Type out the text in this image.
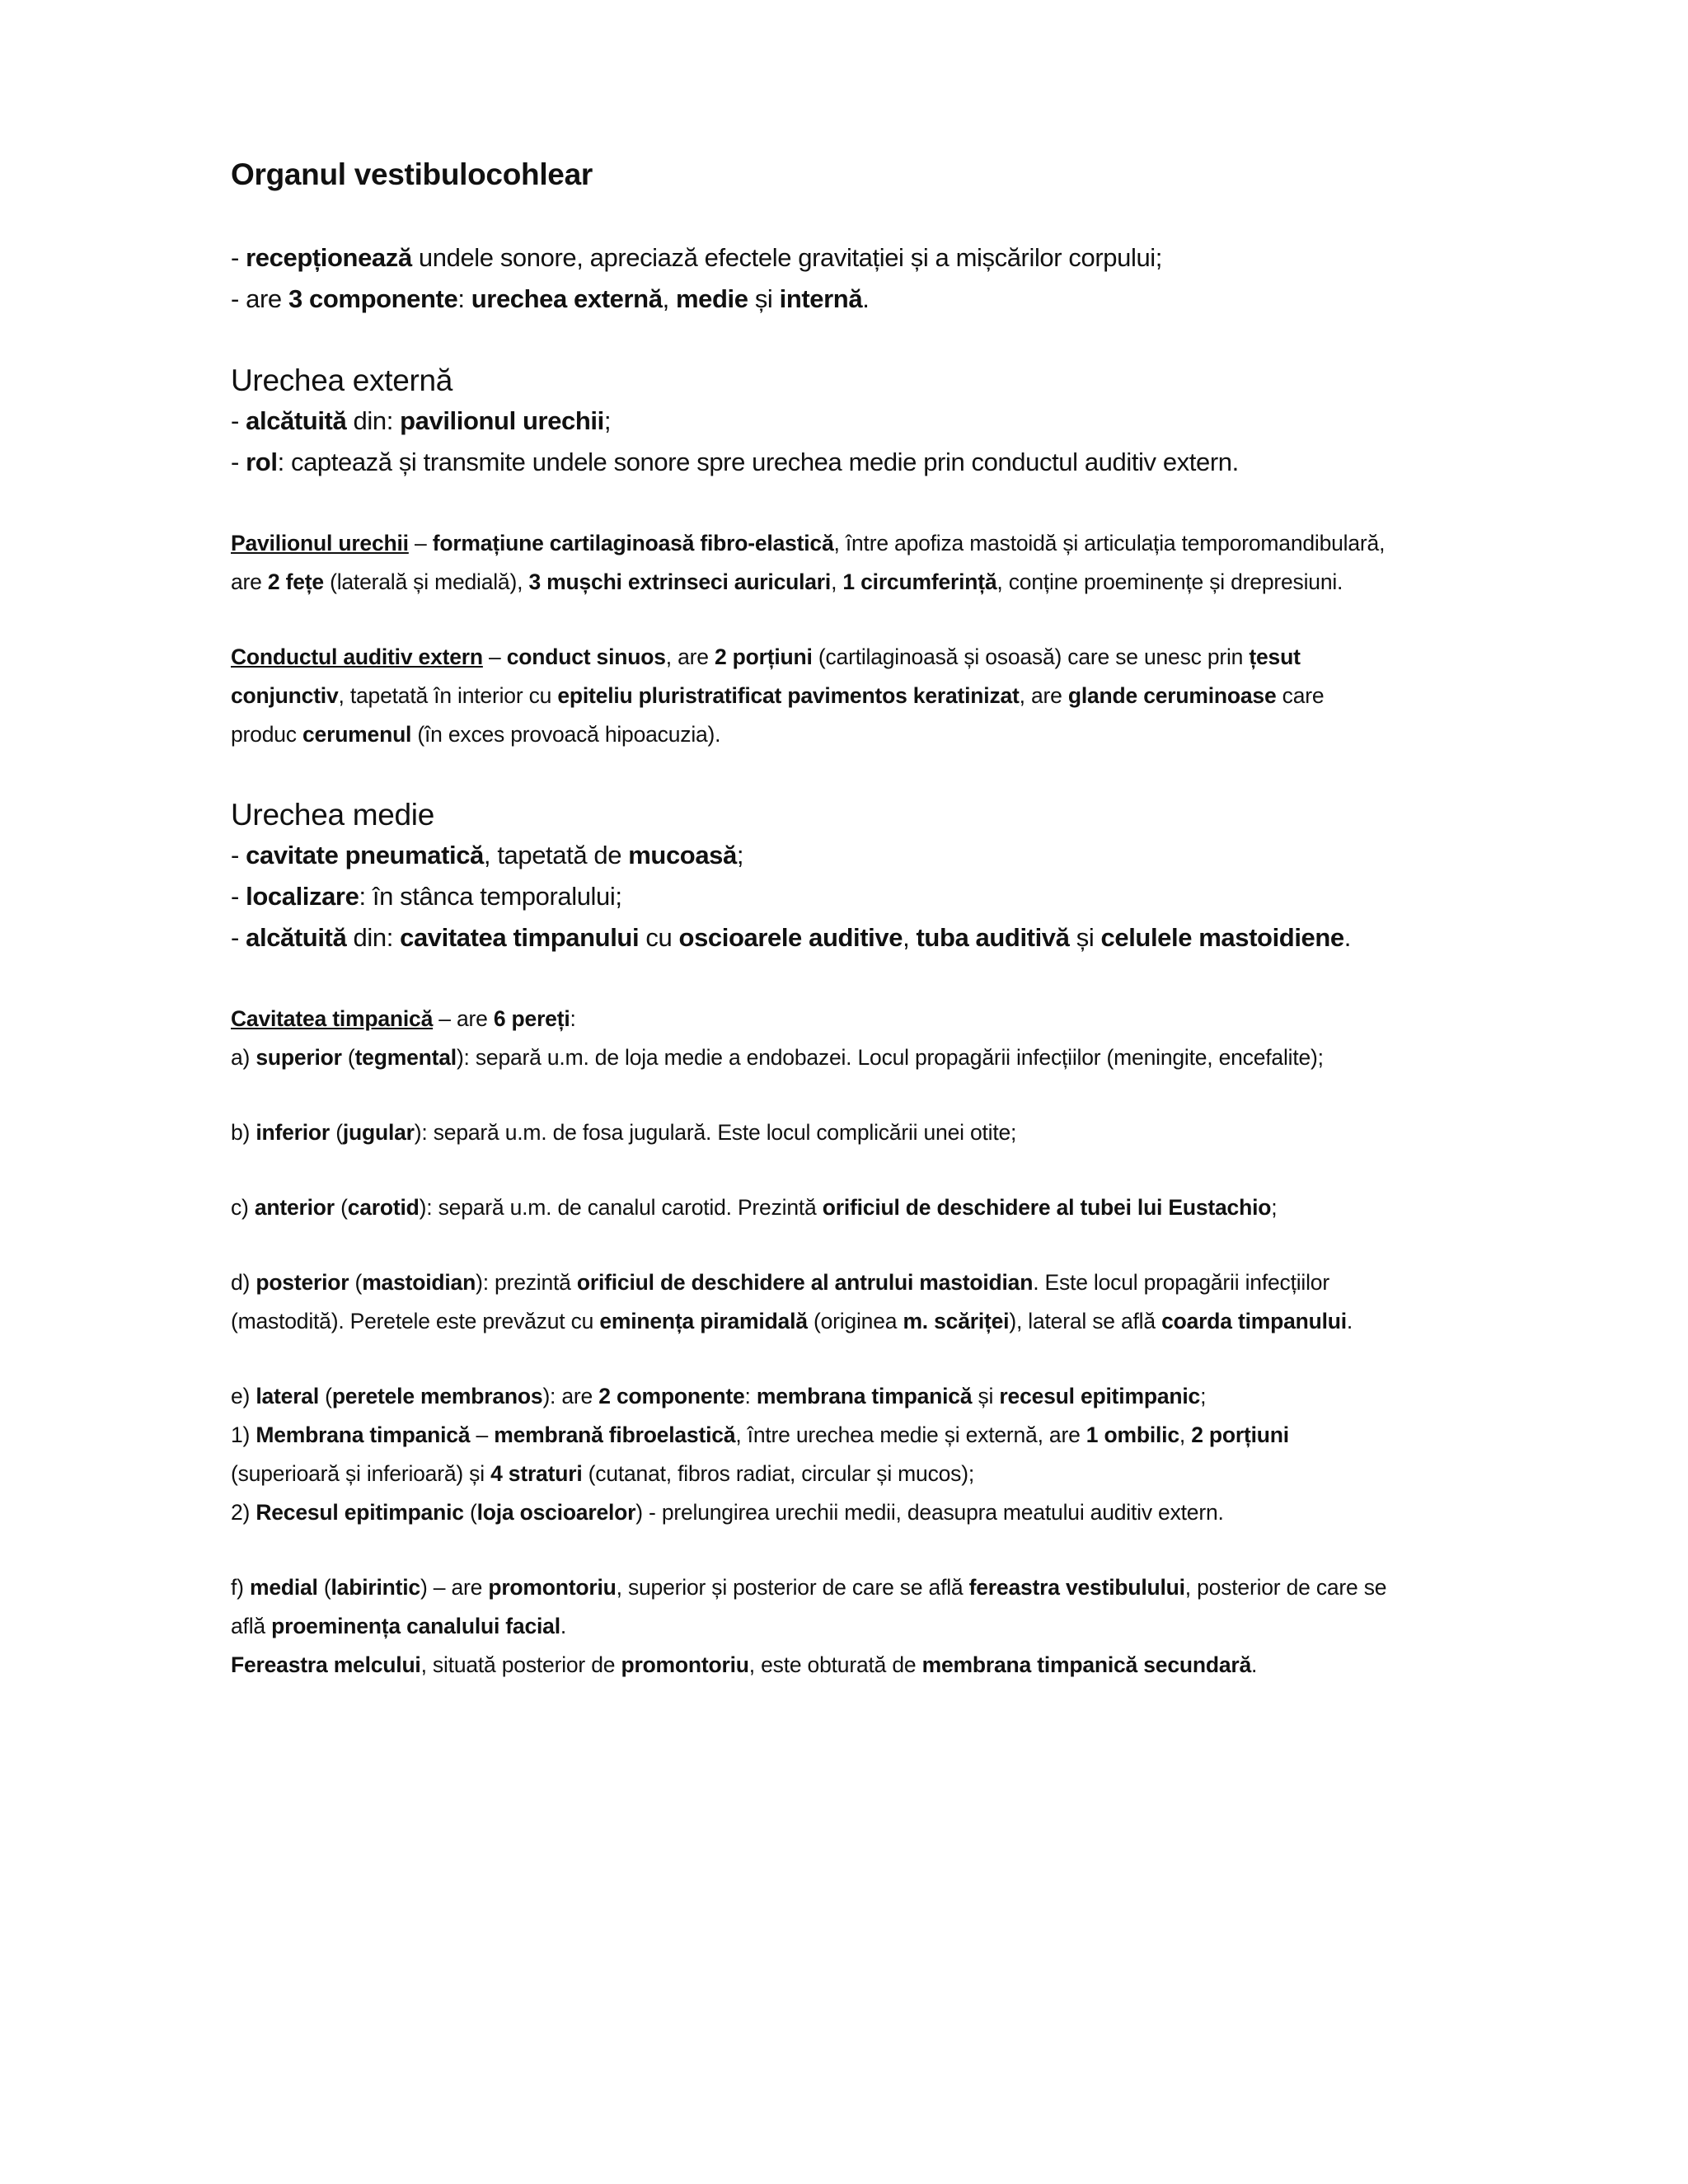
Organul vestibulocohlear
- recepționează undele sonore, apreciază efectele gravitației și a mișcărilor corpului;
- are 3 componente: urechea externă, medie și internă.
Urechea externă
- alcătuită din: pavilionul urechii;
- rol: captează și transmite undele sonore spre urechea medie prin conductul auditiv extern.
Pavilionul urechii – formațiune cartilaginoasă fibro-elastică, între apofiza mastoidă și articulația temporomandibulară,
are 2 fețe (laterală și medială), 3 mușchi extrinseci auriculari, 1 circumferință, conține proeminențe și drepresiuni.
Conductul auditiv extern – conduct sinuos, are 2 porțiuni (cartilaginoasă și osoasă) care se unesc prin țesut
conjunctiv, tapetată în interior cu epiteliu pluristratificat pavimentos keratinizat, are glande ceruminoase care
produc cerumenul (în exces provoacă hipoacuzia).
Urechea medie
- cavitate pneumatică, tapetată de mucoasă;
- localizare: în stânca temporalului;
- alcătuită din: cavitatea timpanului cu oscioarele auditive, tuba auditivă și celulele mastoidiene.
Cavitatea timpanică – are 6 pereți:
a) superior (tegmental): separă u.m. de loja medie a endobazei. Locul propagării infecțiilor (meningite, encefalite);
b) inferior (jugular): separă u.m. de fosa jugulară. Este locul complicării unei otite;
c) anterior (carotid): separă u.m. de canalul carotid. Prezintă orificiul de deschidere al tubei lui Eustachio;
d) posterior (mastoidian): prezintă orificiul de deschidere al antrului mastoidian. Este locul propagării infecțiilor
(mastodită). Peretele este prevăzut cu eminența piramidală (originea m. scăriței), lateral se află coarda timpanului.
e) lateral (peretele membranos): are 2 componente: membrana timpanică și recesul epitimpanic;
1) Membrana timpanică – membrană fibroelastică, între urechea medie și externă, are 1 ombilic, 2 porțiuni
(superioară și inferioară) și 4 straturi (cutanat, fibros radiat, circular și mucos);
2) Recesul epitimpanic (loja oscioarelor) - prelungirea urechii medii, deasupra meatului auditiv extern.
f) medial (labirintic) – are promontoriu, superior și posterior de care se află fereastra vestibulului, posterior de care se
află proeminența canalului facial.
Fereastra melcului, situată posterior de promontoriu, este obturată de membrana timpanică secundară.
